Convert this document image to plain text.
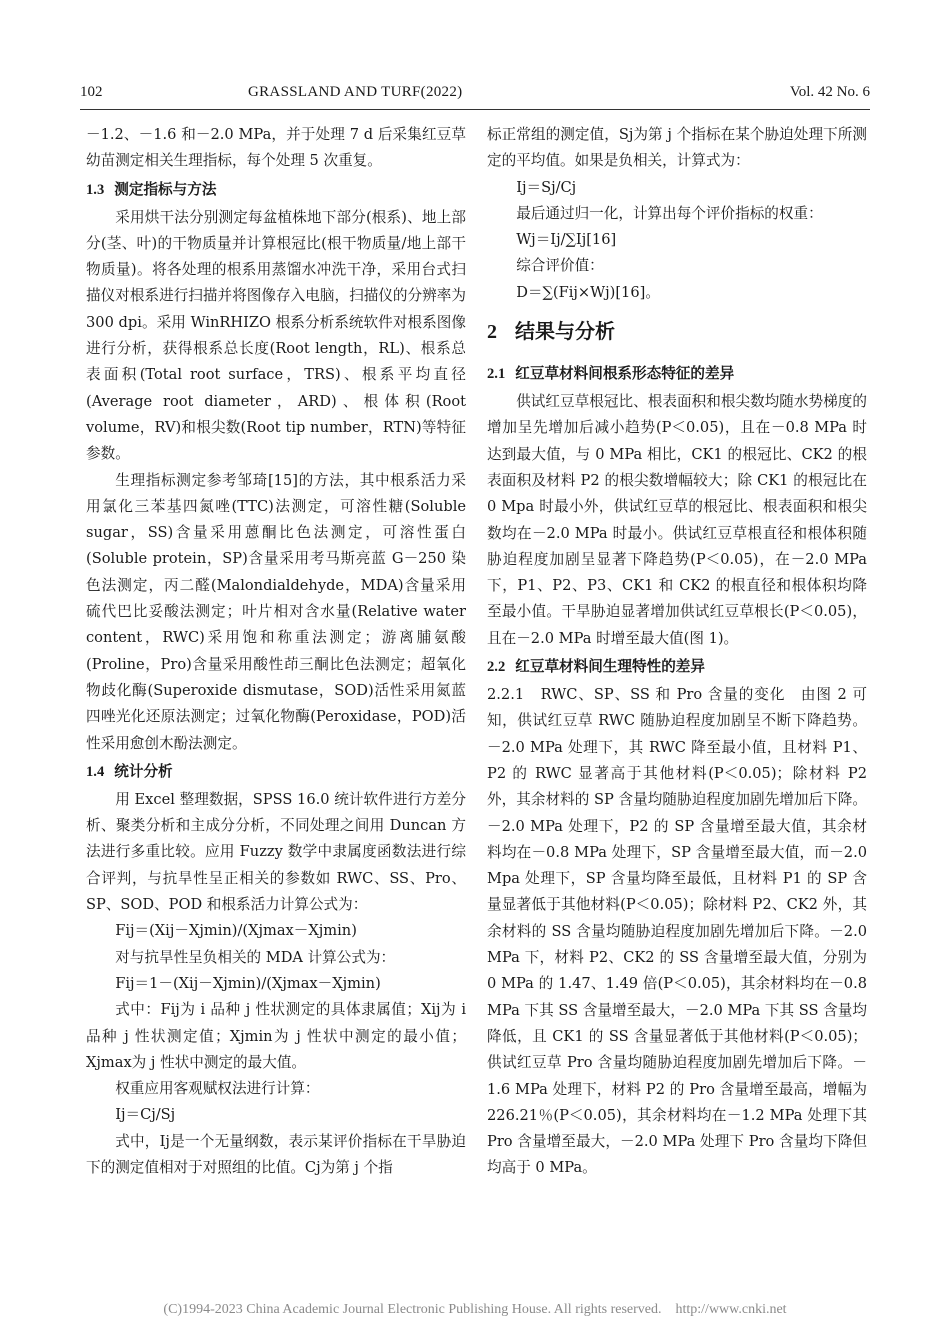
102	GRASSLAND AND TURF(2022)	Vol. 42 No. 6

－1.2、－1.6 和－2.0 MPa，并于处理 7 d 后采集红豆草幼苗测定相关生理指标，每个处理 5 次重复。

1.3 测定指标与方法

采用烘干法分别测定每盆植株地下部分(根系)、地上部分(茎、叶)的干物质量并计算根冠比(根干物质量/地上部干物质量)。将各处理的根系用蒸馏水冲洗干净，采用台式扫描仪对根系进行扫描并将图像存入电脑，扫描仪的分辨率为 300 dpi。采用 WinRHIZO 根系分析系统软件对根系图像进行分析，获得根系总长度(Root length，RL)、根系总表面积(Total root surface，TRS)、根系平均直径(Average root diameter，ARD)、根体积(Root volume，RV)和根尖数(Root tip number，RTN)等特征参数。

生理指标测定参考邹琦[15]的方法，其中根系活力采用氯化三苯基四氮唑(TTC)法测定，可溶性糖(Soluble sugar，SS)含量采用蒽酮比色法测定，可溶性蛋白(Soluble protein，SP)含量采用考马斯亮蓝 G－250 染色法测定，丙二醛(Malondialdehyde，MDA)含量采用硫代巴比妥酸法测定；叶片相对含水量(Relative water content，RWC)采用饱和称重法测定；游离脯氨酸(Proline，Pro)含量采用酸性茚三酮比色法测定；超氧化物歧化酶(Superoxide dismutase，SOD)活性采用氮蓝四唑光化还原法测定；过氧化物酶(Peroxidase，POD)活性采用愈创木酚法测定。

1.4 统计分析

用 Excel 整理数据，SPSS 16.0 统计软件进行方差分析、聚类分析和主成分分析，不同处理之间用 Duncan 方法进行多重比较。应用 Fuzzy 数学中隶属度函数法进行综合评判，与抗旱性呈正相关的参数如 RWC、SS、Pro、SP、SOD、POD 和根系活力计算公式为：

Fij＝(Xij－Xjmin)/(Xjmax－Xjmin)

对与抗旱性呈负相关的 MDA 计算公式为：

Fij＝1－(Xij－Xjmin)/(Xjmax－Xjmin)

式中：Fij为 i 品种 j 性状测定的具体隶属值；Xij为 i 品种 j 性状测定值；Xjmin为 j 性状中测定的最小值；Xjmax为 j 性状中测定的最大值。

权重应用客观赋权法进行计算：

Ij＝Cj/Sj

式中，Ij是一个无量纲数，表示某评价指标在干旱胁迫下的测定值相对于对照组的比值。Cj为第 j 个指

标正常组的测定值，Sj为第 j 个指标在某个胁迫处理下所测定的平均值。如果是负相关，计算式为：

Ij＝Sj/Cj

最后通过归一化，计算出每个评价指标的权重：

Wj＝Ij/∑Ij[16]

综合评价值：

D＝∑(Fij×Wj)[16]。

2 结果与分析
2.1 红豆草材料间根系形态特征的差异

供试红豆草根冠比、根表面积和根尖数均随水势梯度的增加呈先增加后减小趋势(P＜0.05)，且在－0.8 MPa 时达到最大值，与 0 MPa 相比，CK1 的根冠比、CK2 的根表面积及材料 P2 的根尖数增幅较大；除 CK1 的根冠比在 0 Mpa 时最小外，供试红豆草的根冠比、根表面积和根尖数均在－2.0 MPa 时最小。供试红豆草根直径和根体积随胁迫程度加剧呈显著下降趋势(P＜0.05)，在－2.0 MPa 下，P1、P2、P3、CK1 和 CK2 的根直径和根体积均降至最小值。干旱胁迫显著增加供试红豆草根长(P＜0.05)，且在－2.0 MPa 时增至最大值(图 1)。

2.2 红豆草材料间生理特性的差异

2.2.1　RWC、SP、SS 和 Pro 含量的变化　 由图 2 可知，供试红豆草 RWC 随胁迫程度加剧呈不断下降趋势。－2.0 MPa 处理下，其 RWC 降至最小值，且材料 P1、P2 的 RWC 显著高于其他材料(P＜0.05)；除材料 P2 外，其余材料的 SP 含量均随胁迫程度加剧先增加后下降。－2.0 MPa 处理下，P2 的 SP 含量增至最大值，其余材料均在－0.8 MPa 处理下，SP 含量增至最大值，而－2.0 Mpa 处理下，SP 含量均降至最低，且材料 P1 的 SP 含量显著低于其他材料(P＜0.05)；除材料 P2、CK2 外，其余材料的 SS 含量均随胁迫程度加剧先增加后下降。－2.0 MPa 下，材料 P2、CK2 的 SS 含量增至最大值，分别为 0 MPa 的 1.47、1.49 倍(P＜0.05)，其余材料均在－0.8 MPa 下其 SS 含量增至最大，－2.0 MPa 下其 SS 含量均降低，且 CK1 的 SS 含量显著低于其他材料(P＜0.05)；供试红豆草 Pro 含量均随胁迫程度加剧先增加后下降。－1.6 MPa 处理下，材料 P2 的 Pro 含量增至最高，增幅为 226.21％(P＜0.05)，其余材料均在－1.2 MPa 处理下其 Pro 含量增至最大，－2.0 MPa 处理下 Pro 含量均下降但均高于 0 MPa。

(C)1994-2023 China Academic Journal Electronic Publishing House. All rights reserved.　http://www.cnki.net
